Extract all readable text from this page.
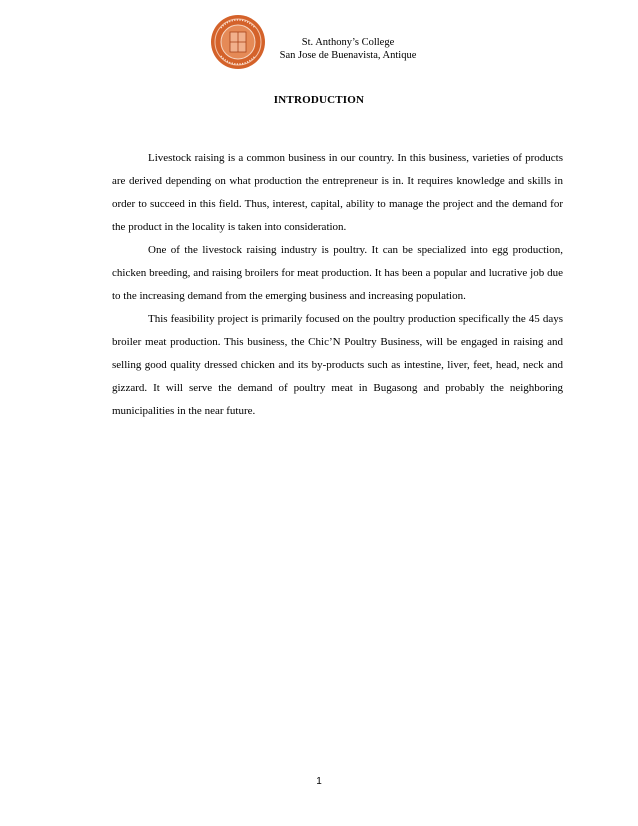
St. Anthony’s College
San Jose de Buenavista, Antique
INTRODUCTION

Livestock raising is a common business in our country. In this business, varieties of products are derived depending on what production the entrepreneur is in. It requires knowledge and skills in order to succeed in this field. Thus, interest, capital, ability to manage the project and the demand for the product in the locality is taken into consideration.

One of the livestock raising industry is poultry. It can be specialized into egg production, chicken breeding, and raising broilers for meat production. It has been a popular and lucrative job due to the increasing demand from the emerging business and increasing population.

This feasibility project is primarily focused on the poultry production specifically the 45 days broiler meat production. This business, the Chic’N Poultry Business, will be engaged in raising and selling good quality dressed chicken and its by-products such as intestine, liver, feet, head, neck and gizzard. It will serve the demand of poultry meat in Bugasong and probably the neighboring municipalities in the near future.

1
